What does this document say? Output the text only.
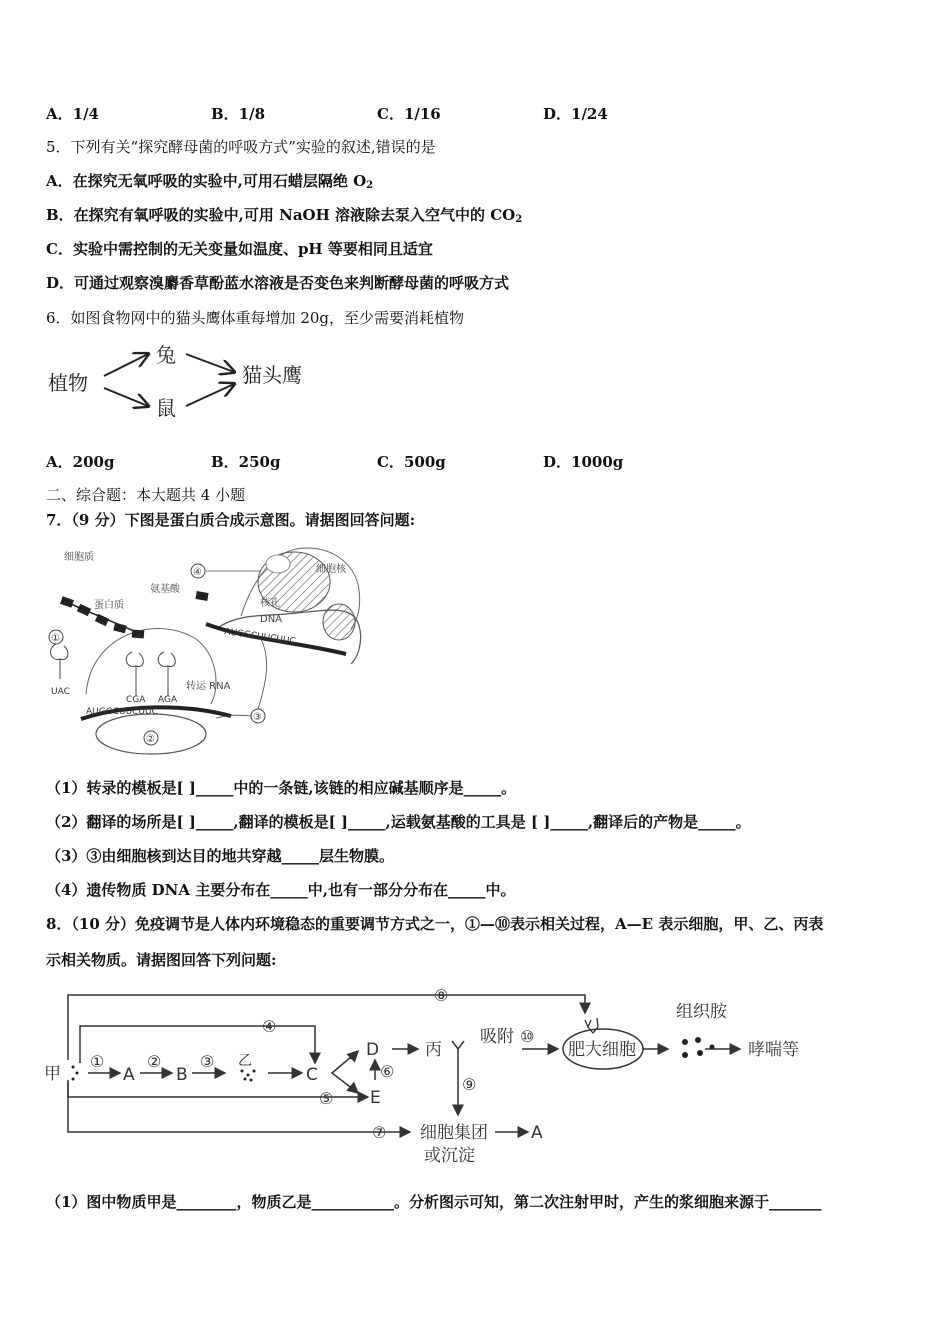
A．1/4	B．1/8	C．1/16	D．1/24
5．下列有关“探究酵母菌的呼吸方式”实验的叙述,错误的是
A．在探究无氧呼吸的实验中,可用石蜡层隔绝 $O_2$
B．在探究有氧呼吸的实验中,可用 NaOH 溶液除去泵入空气中的 $CO_2$
C．实验中需控制的无关变量如温度、pH 等要相同且适宜
D．可通过观察溴麝香草酚蓝水溶液是否变色来判断酵母菌的呼吸方式
6．如图食物网中的猫头鹰体重每增加 20g，至少需要消耗植物
植物
兔
鼠
猫头鹰
A．200g	B．250g	C．500g	D．1000g
二、综合题：本大题共 4 小题
7．（9 分）下图是蛋白质合成示意图。请据图回答问题:
AUGGCUUCUUC
AUGGCUUCUUC
①
UAC
CGA AGA
细胞质
蛋白质
氨基酸
细胞核
核孔
DNA
转运 RNA
④
②
③
（1）转录的模板是[ ]_____中的一条链,该链的相应碱基顺序是_____。
（2）翻译的场所是[ ]_____,翻译的模板是[ ]_____,运载氨基酸的工具是 [ ]_____,翻译后的产物是_____。
（3）③由细胞核到达目的地共穿越_____层生物膜。
（4）遗传物质 DNA 主要分布在_____中,也有一部分分布在_____中。
8．（10 分）免疫调节是人体内环境稳态的重要调节方式之一，①—⑩表示相关过程，A—E 表示细胞，甲、乙、丙表
示相关物质。请据图回答下列问题:
甲	A B
乙
C
D
E
丙
吸附
肥大细胞
组织胺
哮喘等
细胞集团
或沉淀
A
①	② ③
④
⑤
⑥
⑦
⑧
⑨
⑩
（1）图中物质甲是________，物质乙是___________。分析图示可知，第二次注射甲时，产生的浆细胞来源于_______
